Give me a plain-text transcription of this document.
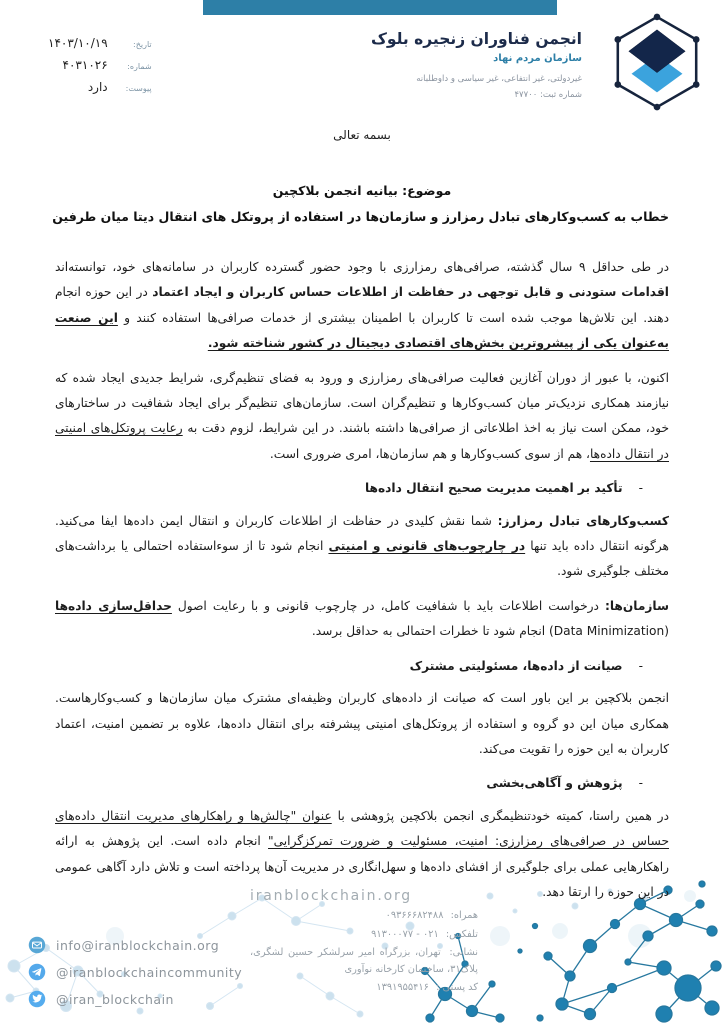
انجمن فناوران زنجیره بلوک
سازمان مردم نهاد
غیردولتی، غیر انتفاعی، غیر سیاسی و داوطلبانه
شماره ثبت: ۴۷۷۰۰
تاریخ:
۱۴۰۳/۱۰/۱۹
شماره:
۴۰۳۱۰۲۶
پیوست:
دارد
بسمه تعالی
موضوع: بیانیه انجمن بلاکچین
خطاب به کسب‌وکارهای تبادل رمزارز و سازمان‌ها در استفاده از پروتکل های انتقال دیتا میان طرفین
در طی حداقل ۹ سال گذشته، صرافی‌های رمزارزی با وجود حضور گسترده کاربران در سامانه‌های خود، توانسته‌اند اقدامات ستودنی و قابل توجهی در حفاظت از اطلاعات حساس کاربران و ایجاد اعتماد در این حوزه انجام دهند. این تلاش‌ها موجب شده است تا کاربران با اطمینان بیشتری از خدمات صرافی‌ها استفاده کنند و این صنعت به‌عنوان یکی از پیشروترین بخش‌های اقتصادی دیجیتال در کشور شناخته شود.
اکنون، با عبور از دوران آغازین فعالیت صرافی‌های رمزارزی و ورود به فضای تنظیم‌گری، شرایط جدیدی ایجاد شده که نیازمند همکاری نزدیک‌تر میان کسب‌وکارها و تنظیم‌گران است. سازمان‌های تنظیم‌گر برای ایجاد شفافیت در ساختارهای خود، ممکن است نیاز به اخذ اطلاعاتی از صرافی‌ها داشته باشند. در این شرایط، لزوم دقت به رعایت پروتکل‌های امنیتی در انتقال داده‌ها، هم از سوی کسب‌وکارها و هم سازمان‌ها، امری ضروری است.
- تأکید بر اهمیت مدیریت صحیح انتقال داده‌ها
کسب‌وکارهای تبادل رمزارز: شما نقش کلیدی در حفاظت از اطلاعات کاربران و انتقال ایمن داده‌ها ایفا می‌کنید. هرگونه انتقال داده باید تنها در چارچوب‌های قانونی و امنیتی انجام شود تا از سوءاستفاده احتمالی یا برداشت‌های مختلف جلوگیری شود.
سازمان‌ها: درخواست اطلاعات باید با شفافیت کامل، در چارچوب قانونی و با رعایت اصول حداقل‌سازی داده‌ها (Data Minimization) انجام شود تا خطرات احتمالی به حداقل برسد.
- صیانت از داده‌ها، مسئولیتی مشترک
انجمن بلاکچین بر این باور است که صیانت از داده‌های کاربران وظیفه‌ای مشترک میان سازمان‌ها و کسب‌وکارهاست. همکاری میان این دو گروه و استفاده از پروتکل‌های امنیتی پیشرفته برای انتقال داده‌ها، علاوه بر تضمین امنیت، اعتماد کاربران به این حوزه را تقویت می‌کند.
- پژوهش و آگاهی‌بخشی
در همین راستا، کمیته خودتنظیمگری انجمن بلاکچین پژوهشی با عنوان "چالش‌ها و راهکارهای مدیریت انتقال داده‌های حساس در صرافی‌های رمزارزی: امنیت، مسئولیت و ضرورت تمرکزگرایی" انجام داده است. این پژوهش به ارائه راهکارهایی عملی برای جلوگیری از افشای داده‌ها و سهل‌انگاری در مدیریت آن‌ها پرداخته است و تلاش دارد آگاهی عمومی در این حوزه را ارتقا دهد.
info@iranblockchain.org
@iranblockchaincommunity
@iran_blockchain
iranblockchain.org
همراه: ۰۹۳۶۶۶۸۲۴۸۸
تلفکس: ۰۲۱ - ۹۱۳۰۰۰۷۷
نشانی: تهران، بزرگراه امیر سرلشکر حسین لشگری، پلاک۳۱، ساختمان کارخانه نوآوری
کد پستی : ۱۳۹۱۹۵۵۴۱۶
